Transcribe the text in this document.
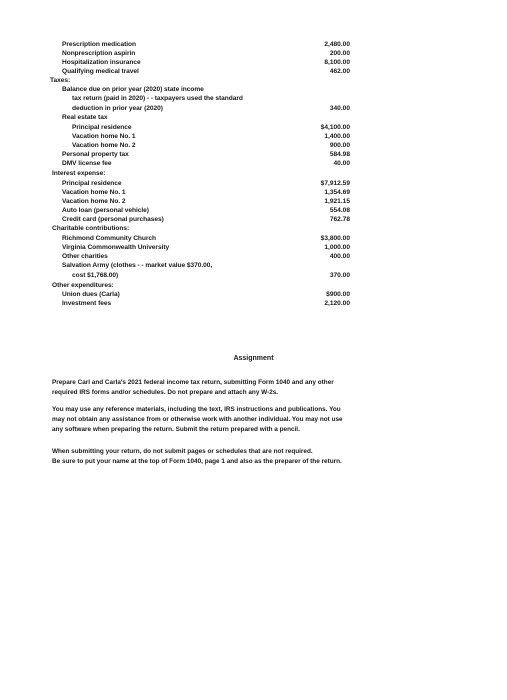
Prescription medication	2,480.00
Nonprescription aspirin	200.00
Hospitalization insurance	8,100.00
Qualifying medical travel	462.00
Taxes:
Balance due on prior year (2020) state income
tax return (paid in 2020) - - taxpayers used the standard
deduction in prior year (2020)	340.00
Real estate tax
Principal residence	$4,100.00
Vacation home No. 1	1,400.00
Vacation home No. 2	900.00
Personal property tax	584.98
DMV license fee	40.00
Interest expense:
Principal residence	$7,912.59
Vacation home No. 1	1,354.69
Vacation home No. 2	1,921.15
Auto loan (personal vehicle)	554.08
Credit card (personal purchases)	762.78
Charitable contributions:
Richmond Community Church	$3,800.00
Virginia Commonwealth University	1,000.00
Other charities	400.00
Salvation Army (clothes - - market value $370.00,
cost $1,768.00)	370.00
Other expenditures:
Union dues (Carla)	$900.00
Investment fees	2,120.00
Assignment
Prepare Carl and Carla's 2021 federal income tax return, submitting Form 1040 and any other
required IRS forms and/or schedules. Do not prepare and attach any W-2s.
You may use any reference materials, including the text, IRS instructions and publications. You
may not obtain any assistance from or otherwise work with another individual. You may not use
any software when preparing the return. Submit the return prepared with a pencil.
When submitting your return, do not submit pages or schedules that are not required.
Be sure to put your name at the top of Form 1040, page 1 and also as the preparer of the return.
